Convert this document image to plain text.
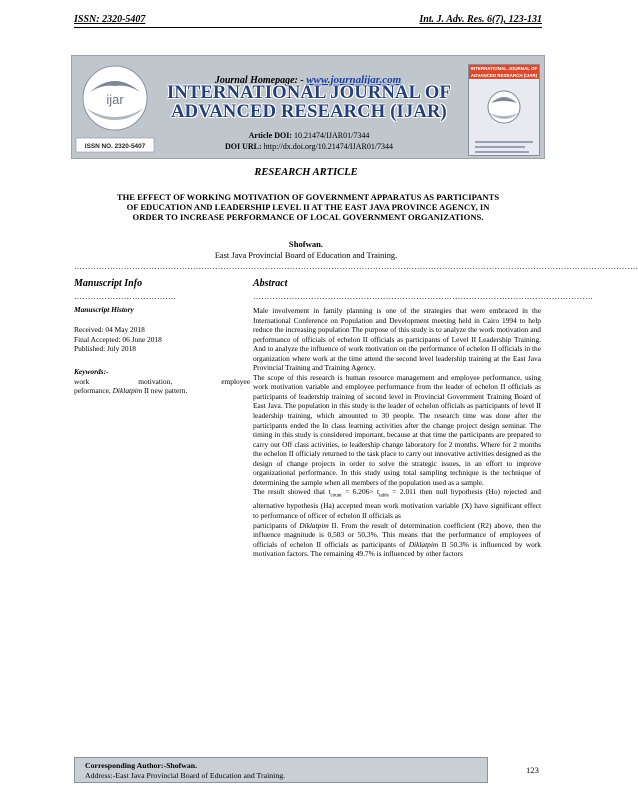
ISSN: 2320-5407	Int. J. Adv. Res. 6(7), 123-131
ijar
ISSN NO. 2320-5407
Journal Homepage: - www.journalijar.com
INTERNATIONAL JOURNAL OF
ADVANCED RESEARCH (IJAR)
Article DOI: 10.21474/IJAR01/7344
DOI URL: http://dx.doi.org/10.21474/IJAR01/7344
INTERNATIONAL JOURNAL OF ADVANCED RESEARCH (IJAR)
RESEARCH ARTICLE
THE EFFECT OF WORKING MOTIVATION OF GOVERNMENT APPARATUS AS PARTICIPANTS
OF EDUCATION AND LEADERSHIP LEVEL II AT THE EAST JAVA PROVINCE AGENCY, IN
ORDER TO INCREASE PERFORMANCE OF LOCAL GOVERNMENT ORGANIZATIONS.
Shofwan.
East Java Provincial Board of Education and Training.
……………………………………………………………………………………………………………………………………………………………………………………
Manuscript Info	Abstract
……………………………….	……………………………………………………………………………………………………………
Manuscript History
Received: 04 May 2018
Final Accepted: 06 June 2018
Published: July 2018
Keywords:-
work	motivation,	employee
peformance, Diklatpim II new pattern.

Male involvement in family planning is one of the strategies that were embraced in the International Conference on Population and Development meeting held in Cairo 1994 to help reduce the increasing population The purpose of this study is to analyze the work motivation and performance of officials of echelon II officials as participants of Level II Leadership Training. And to analyze the influence of work motivation on the performance of echelon II officials in the organization where work at the time attend the second level leadership training at the East Java Provincial Training and Training Agency.

The scope of this research is human resource management and employee performance, using work motivation variable and employee performance from the leader of echelon II officials as participants of leadership training of second level in Provincial Government Training Board of East Java. The population in this study is the leader of echelon officials as participants of level II leadership training, which amounted to 30 people. The research time was done after the participants ended the In class learning activities after the change project design seminar. The timing in this study is considered important, because at that time the participants are prepared to carry out Off class activities, ie leadership change laboratory for 2 months. Where for 2 months the echelon II officialy returned to the task place to carry out innovative activities designed as the design of change projects in order to solve the strategic issues, in an effort to improve organizational performance. In this study using total sampling technique is the technique of determining the sample when all members of the population used as a sample.

The result showed that $t_{count} = 6.206> t_{table} = 2.011$ then null hypothesis (Ho) rejected and alternative hypothesis (Ha) accepted mean work motivation variable (X) have significant effect to performance of officer of echelon II officials as

participants of Diklatpim II. From the result of determination coefficient (R2) above, then the influence magnitude is 0,503 or 50,3%. This means that the performance of employees of officials of echelon II officials as participants of Diklatpim II 50.3% is influenced by work motivation factors. The remaining 49.7% is influenced by other factors

Corresponding Author:-Shofwan.
Address:-East Java Provincial Board of Education and Training.
123
